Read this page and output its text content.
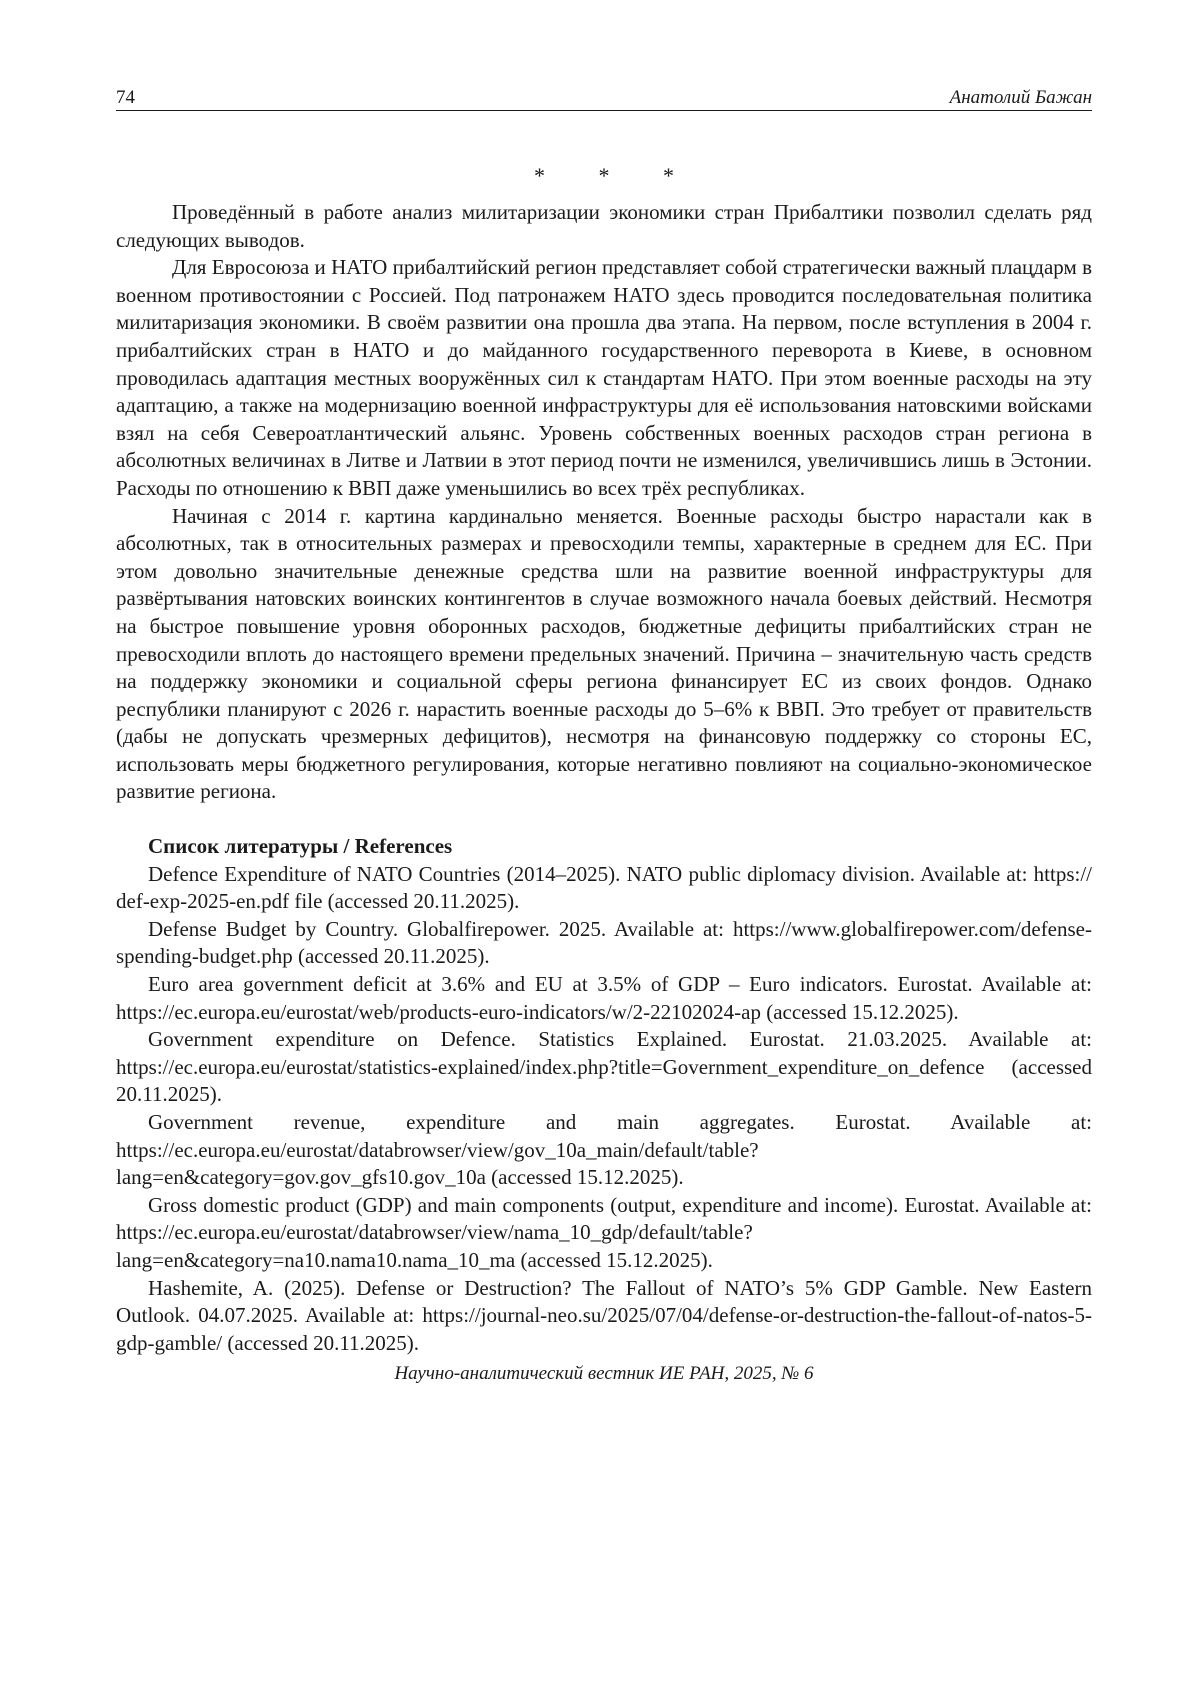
74	Анатолий Бажан
* * *

Проведённый в работе анализ милитаризации экономики стран Прибалтики позволил сделать ряд следующих выводов.

Для Евросоюза и НАТО прибалтийский регион представляет собой стратегически важный плацдарм в военном противостоянии с Россией. Под патронажем НАТО здесь проводится последовательная политика милитаризация экономики. В своём развитии она прошла два этапа. На первом, после вступления в 2004 г. прибалтийских стран в НАТО и до майданного государственного переворота в Киеве, в основном проводилась адаптация местных вооружённых сил к стандартам НАТО. При этом военные расходы на эту адаптацию, а также на модернизацию военной инфраструктуры для её использования натовскими войсками взял на себя Североатлантический альянс. Уровень собственных военных расходов стран региона в абсолютных величинах в Литве и Латвии в этот период почти не изменился, увеличившись лишь в Эстонии. Расходы по отношению к ВВП даже уменьшились во всех трёх республиках.

Начиная с 2014 г. картина кардинально меняется. Военные расходы быстро нарастали как в абсолютных, так в относительных размерах и превосходили темпы, характерные в среднем для ЕС. При этом довольно значительные денежные средства шли на развитие военной инфраструктуры для развёртывания натовских воинских контингентов в случае возможного начала боевых действий. Несмотря на быстрое повышение уровня оборонных расходов, бюджетные дефициты прибалтийских стран не превосходили вплоть до настоящего времени предельных значений. Причина – значительную часть средств на поддержку экономики и социальной сферы региона финансирует ЕС из своих фондов. Однако республики планируют с 2026 г. нарастить военные расходы до 5–6% к ВВП. Это требует от правительств (дабы не допускать чрезмерных дефицитов), несмотря на финансовую поддержку со стороны ЕС, использовать меры бюджетного регулирования, которые негативно повлияют на социально-экономическое развитие региона.

Список литературы / References

Defence Expenditure of NATO Countries (2014–2025). NATO public diplomacy division. Available at: https:// def-exp-2025-en.pdf file (accessed 20.11.2025).

Defense Budget by Country. Globalfirepower. 2025. Available at: https://www.globalfirepower.com/defense-spending-budget.php (accessed 20.11.2025).

Euro area government deficit at 3.6% and EU at 3.5% of GDP – Euro indicators. Eurostat. Available at: https://ec.europa.eu/eurostat/web/products-euro-indicators/w/2-22102024-ap (accessed 15.12.2025).

Government expenditure on Defence. Statistics Explained. Eurostat. 21.03.2025. Available at: https://ec.europa.eu/eurostat/statistics-explained/index.php?title=Government_expenditure_on_defence (accessed 20.11.2025).

Government revenue, expenditure and main aggregates. Eurostat. Available at: https://ec.europa.eu/eurostat/databrowser/view/gov_10a_main/default/table?lang=en&category=gov.gov_gfs10.gov_10a (accessed 15.12.2025).

Gross domestic product (GDP) and main components (output, expenditure and income). Eurostat. Available at: https://ec.europa.eu/eurostat/databrowser/view/nama_10_gdp/default/table?lang=en&category=na10.nama10.nama_10_ma (accessed 15.12.2025).

Hashemite, A. (2025). Defense or Destruction? The Fallout of NATO’s 5% GDP Gamble. New Eastern Outlook. 04.07.2025. Available at: https://journal-neo.su/2025/07/04/defense-or-destruction-the-fallout-of-natos-5-gdp-gamble/ (accessed 20.11.2025).

Научно-аналитический вестник ИЕ РАН, 2025, № 6
